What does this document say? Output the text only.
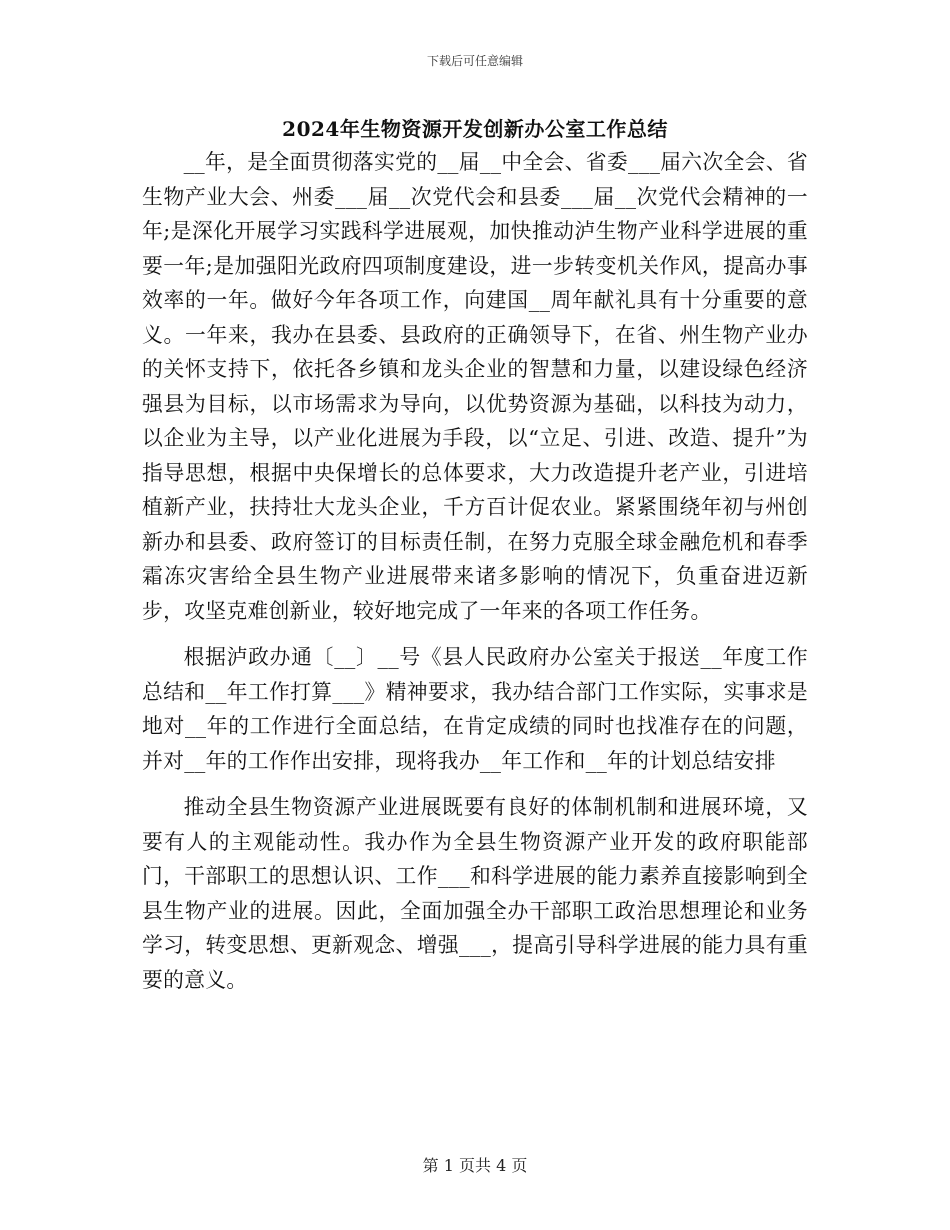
下载后可任意编辑
2024年生物资源开发创新办公室工作总结

__年，是全面贯彻落实党的__届__中全会、省委___届六次全会、省生物产业大会、州委___届__次党代会和县委___届__次党代会精神的一年;是深化开展学习实践科学进展观，加快推动泸生物产业科学进展的重要一年;是加强阳光政府四项制度建设，进一步转变机关作风，提高办事效率的一年。做好今年各项工作，向建国__周年献礼具有十分重要的意义。一年来，我办在县委、县政府的正确领导下，在省、州生物产业办的关怀支持下，依托各乡镇和龙头企业的智慧和力量，以建设绿色经济强县为目标，以市场需求为导向，以优势资源为基础，以科技为动力，以企业为主导，以产业化进展为手段，以“立足、引进、改造、提升”为指导思想，根据中央保增长的总体要求，大力改造提升老产业，引进培植新产业，扶持壮大龙头企业，千方百计促农业。紧紧围绕年初与州创新办和县委、政府签订的目标责任制，在努力克服全球金融危机和春季霜冻灾害给全县生物产业进展带来诸多影响的情况下，负重奋进迈新步，攻坚克难创新业，较好地完成了一年来的各项工作任务。

根据泸政办通〔__〕__号《县人民政府办公室关于报送__年度工作总结和__年工作打算___》精神要求，我办结合部门工作实际，实事求是地对__年的工作进行全面总结，在肯定成绩的同时也找准存在的问题，并对__年的工作作出安排，现将我办__年工作和__年的计划总结安排

推动全县生物资源产业进展既要有良好的体制机制和进展环境，又要有人的主观能动性。我办作为全县生物资源产业开发的政府职能部门，干部职工的思想认识、工作___和科学进展的能力素养直接影响到全县生物产业的进展。因此，全面加强全办干部职工政治思想理论和业务学习，转变思想、更新观念、增强___，提高引导科学进展的能力具有重要的意义。

第 1 页共 4 页
